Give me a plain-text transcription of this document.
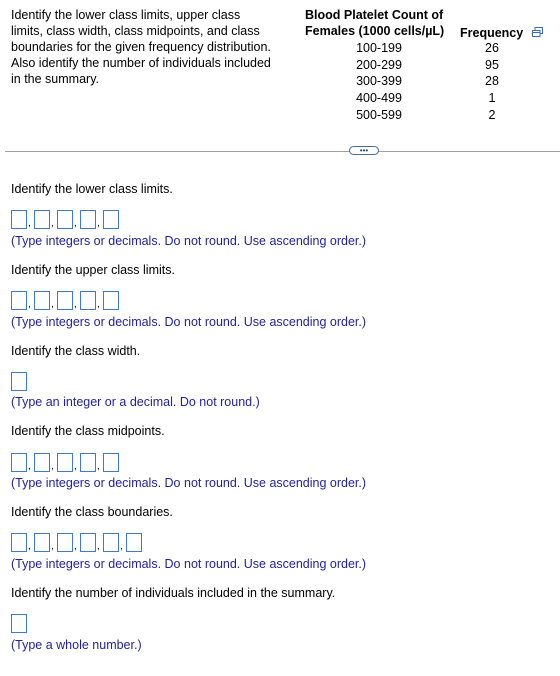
Identify the lower class limits, upper class
limits, class width, class midpoints, and class
boundaries for the given frequency distribution.
Also identify the number of individuals included
in the summary.
Blood Platelet Count of
Females (1000 cells/µL) Frequency
100-199	26
200-299	95
300-399	28
400-499	1
500-599	2
•••
Identify the lower class limits.
,	,	,	,
(Type integers or decimals. Do not round. Use ascending order.)
Identify the upper class limits.
,	,	,	,
(Type integers or decimals. Do not round. Use ascending order.)
Identify the class width.
(Type an integer or a decimal. Do not round.)
Identify the class midpoints.
,	,	,	,
(Type integers or decimals. Do not round. Use ascending order.)
Identify the class boundaries.
,	,	,	,	,
(Type integers or decimals. Do not round. Use ascending order.)
Identify the number of individuals included in the summary.
(Type a whole number.)
